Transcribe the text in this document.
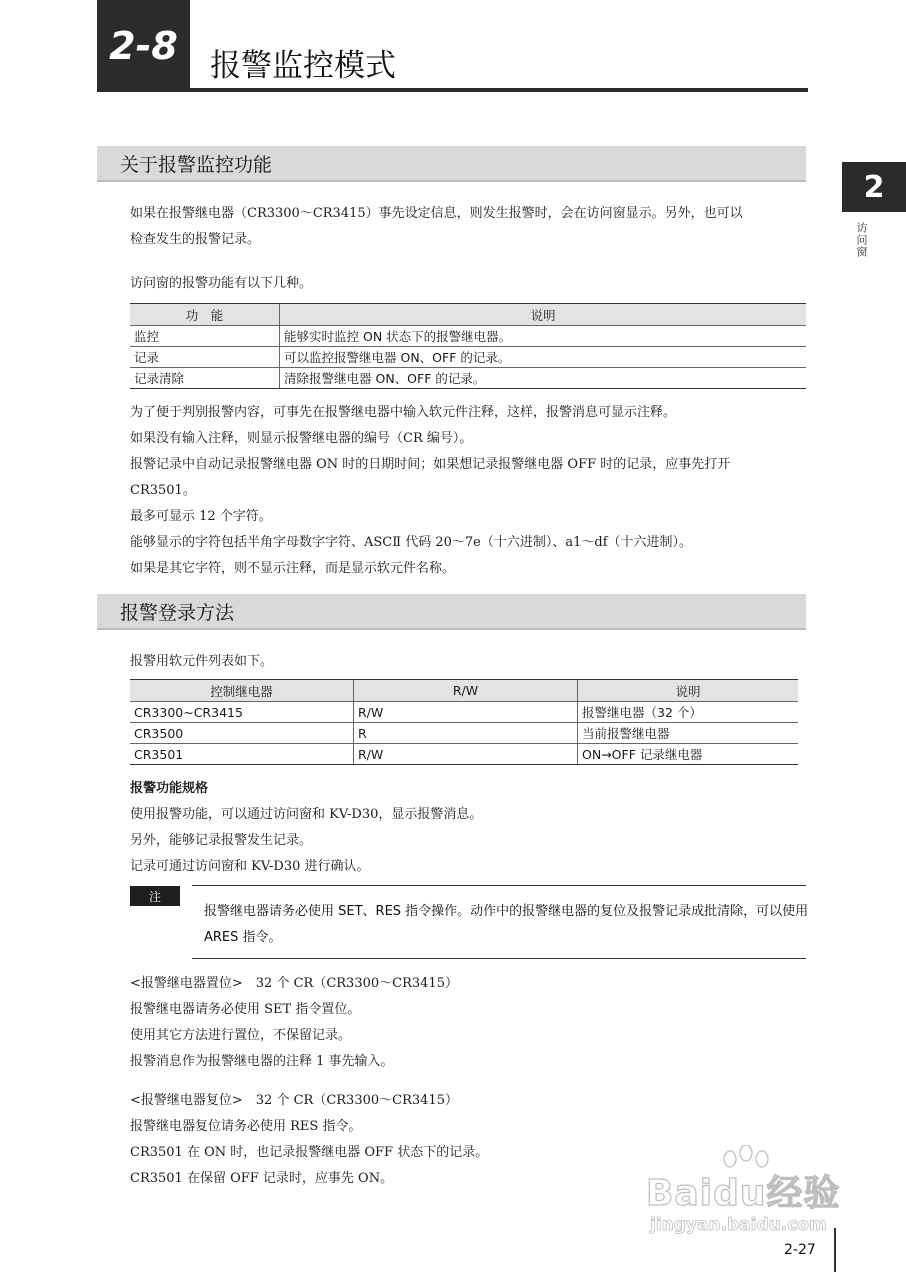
2-8	报警监控模式
2
访问窗
关于报警监控功能

如果在报警继电器（CR3300～CR3415）事先设定信息，则发生报警时，会在访问窗显示。另外，也可以

检查发生的报警记录。

访问窗的报警功能有以下几种。
功　能	说明
监控	能够实时监控 ON 状态下的报警继电器。
记录	可以监控报警继电器 ON、OFF 的记录。
记录清除	清除报警继电器 ON、OFF 的记录。

为了便于判别报警内容，可事先在报警继电器中输入软元件注释，这样，报警消息可显示注释。

如果没有输入注释，则显示报警继电器的编号（CR 编号）。

报警记录中自动记录报警继电器 ON 时的日期时间；如果想记录报警继电器 OFF 时的记录，应事先打开

CR3501。

最多可显示 12 个字符。

能够显示的字符包括半角字母数字字符、ASCⅡ 代码 20～7e（十六进制）、a1～df（十六进制）。

如果是其它字符，则不显示注释，而是显示软元件名称。

报警登录方法
报警用软元件列表如下。
控制继电器	R/W	说明
CR3300~CR3415	R/W	报警继电器（32 个）
CR3500	R	当前报警继电器
CR3501	R/W	ON→OFF 记录继电器

报警功能规格

使用报警功能，可以通过访问窗和 KV-D30，显示报警消息。

另外，能够记录报警发生记录。

记录可通过访问窗和 KV-D30 进行确认。

注
报警继电器请务必使用 SET、RES 指令操作。动作中的报警继电器的复位及报警记录成批清除，可以使用 ARES 指令。

<报警继电器置位>　32 个 CR（CR3300～CR3415）

报警继电器请务必使用 SET 指令置位。

使用其它方法进行置位，不保留记录。

报警消息作为报警继电器的注释 1 事先输入。

<报警继电器复位>　32 个 CR（CR3300～CR3415）

报警继电器复位请务必使用 RES 指令。

CR3501 在 ON 时，也记录报警继电器 OFF 状态下的记录。

CR3501 在保留 OFF 记录时，应事先 ON。	Baidu经验
jingyan.baidu.com
2-27
